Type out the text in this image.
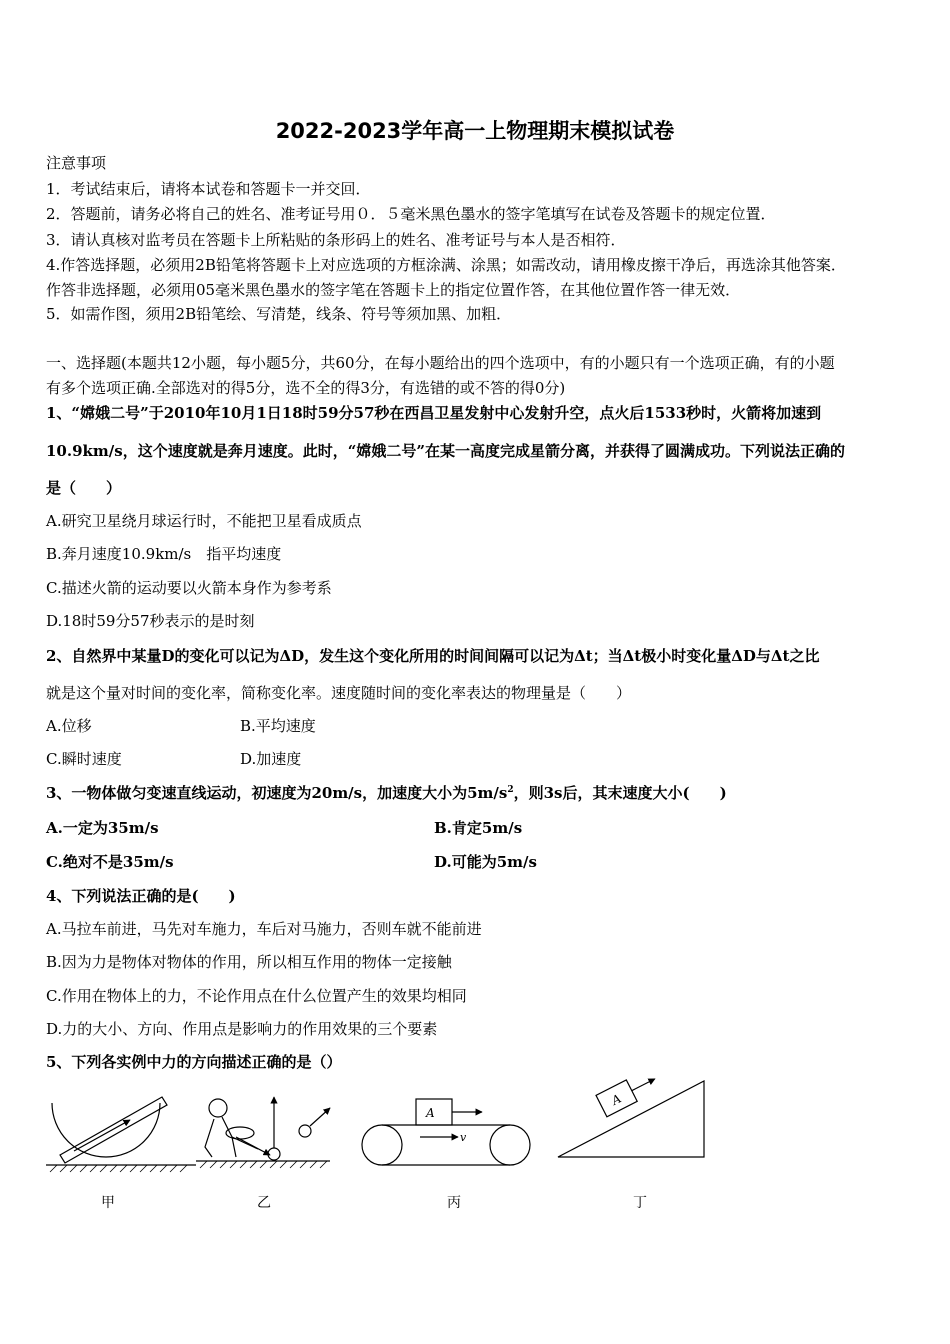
2022-2023学年高一上物理期末模拟试卷
注意事项
1．考试结束后，请将本试卷和答题卡一并交回．
2．答题前，请务必将自己的姓名、准考证号用０．５毫米黑色墨水的签字笔填写在试卷及答题卡的规定位置．
3．请认真核对监考员在答题卡上所粘贴的条形码上的姓名、准考证号与本人是否相符．
4.作答选择题，必须用2B铅笔将答题卡上对应选项的方框涂满、涂黑；如需改动，请用橡皮擦干净后，再选涂其他答案．
作答非选择题，必须用05毫米黑色墨水的签字笔在答题卡上的指定位置作答，在其他位置作答一律无效．
5．如需作图，须用2B铅笔绘、写清楚，线条、符号等须加黑、加粗．
一、选择题(本题共12小题，每小题5分，共60分，在每小题给出的四个选项中，有的小题只有一个选项正确，有的小题
有多个选项正确.全部选对的得5分，选不全的得3分，有选错的或不答的得0分)
1、“嫦娥二号”于2010年10月1日18时59分57秒在西昌卫星发射中心发射升空，点火后1533秒时，火箭将加速到
10.9km/s，这个速度就是奔月速度。此时，“嫦娥二号”在某一高度完成星箭分离，并获得了圆满成功。下列说法正确的
是（　　）
A.研究卫星绕月球运行时，不能把卫星看成质点
B.奔月速度10.9km/s　指平均速度
C.描述火箭的运动要以火箭本身作为参考系
D.18时59分57秒表示的是时刻
2、自然界中某量D的变化可以记为ΔD，发生这个变化所用的时间间隔可以记为Δt；当Δt极小时变化量ΔD与Δt之比
就是这个量对时间的变化率，简称变化率。速度随时间的变化率表达的物理量是（　　）
A.位移	B.平均速度
C.瞬时速度	D.加速度
3、一物体做匀变速直线运动，初速度为20m/s，加速度大小为$5m/s^2$，则3s后，其末速度大小(　　)
A.一定为35m/s	B.肯定5m/s
C.绝对不是35m/s	D.可能为5m/s
4、下列说法正确的是(　　)
A.马拉车前进，马先对车施力，车后对马施力，否则车就不能前进
B.因为力是物体对物体的作用，所以相互作用的物体一定接触
C.作用在物体上的力，不论作用点在什么位置产生的效果均相同
D.力的大小、方向、作用点是影响力的作用效果的三个要素
5、下列各实例中力的方向描述正确的是（）
A
v
A
甲	乙	丙	丁
